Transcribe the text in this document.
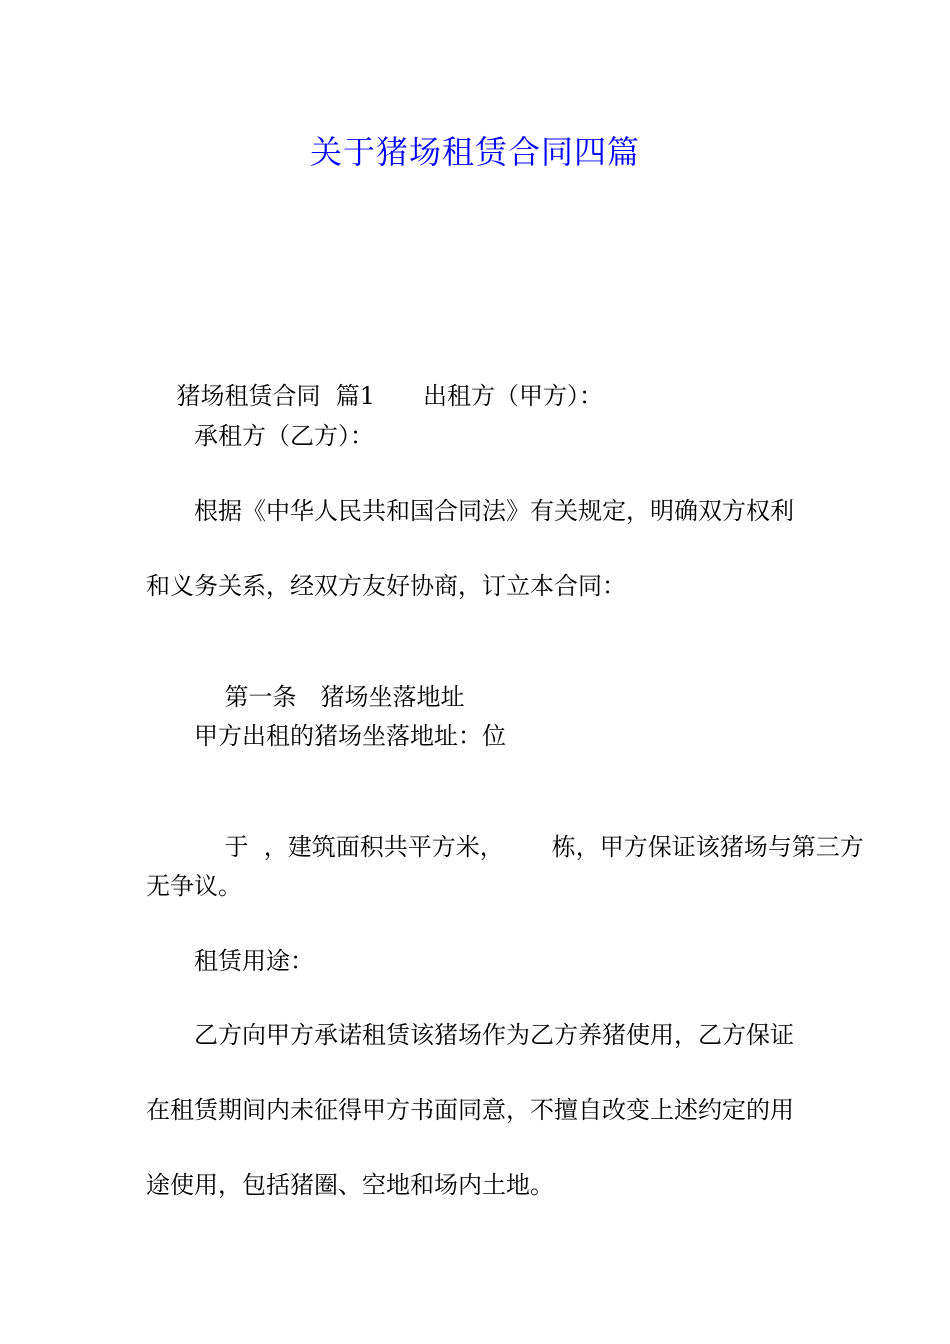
关于猪场租赁合同四篇

猪场租赁合同  篇1 出租方（甲方）：

承租方（乙方）：
根据《中华人民共和国合同法》有关规定，明确双方权利
和义务关系，经双方友好协商，订立本合同：

第一条 猪场坐落地址

甲方出租的猪场坐落地址：位

于  ，建筑面积共平方米， 栋，甲方保证该猪场与第三方

无争议。
租赁用途：
乙方向甲方承诺租赁该猪场作为乙方养猪使用，乙方保证
在租赁期间内未征得甲方书面同意，不擅自改变上述约定的用
途使用，包括猪圈、空地和场内土地。
